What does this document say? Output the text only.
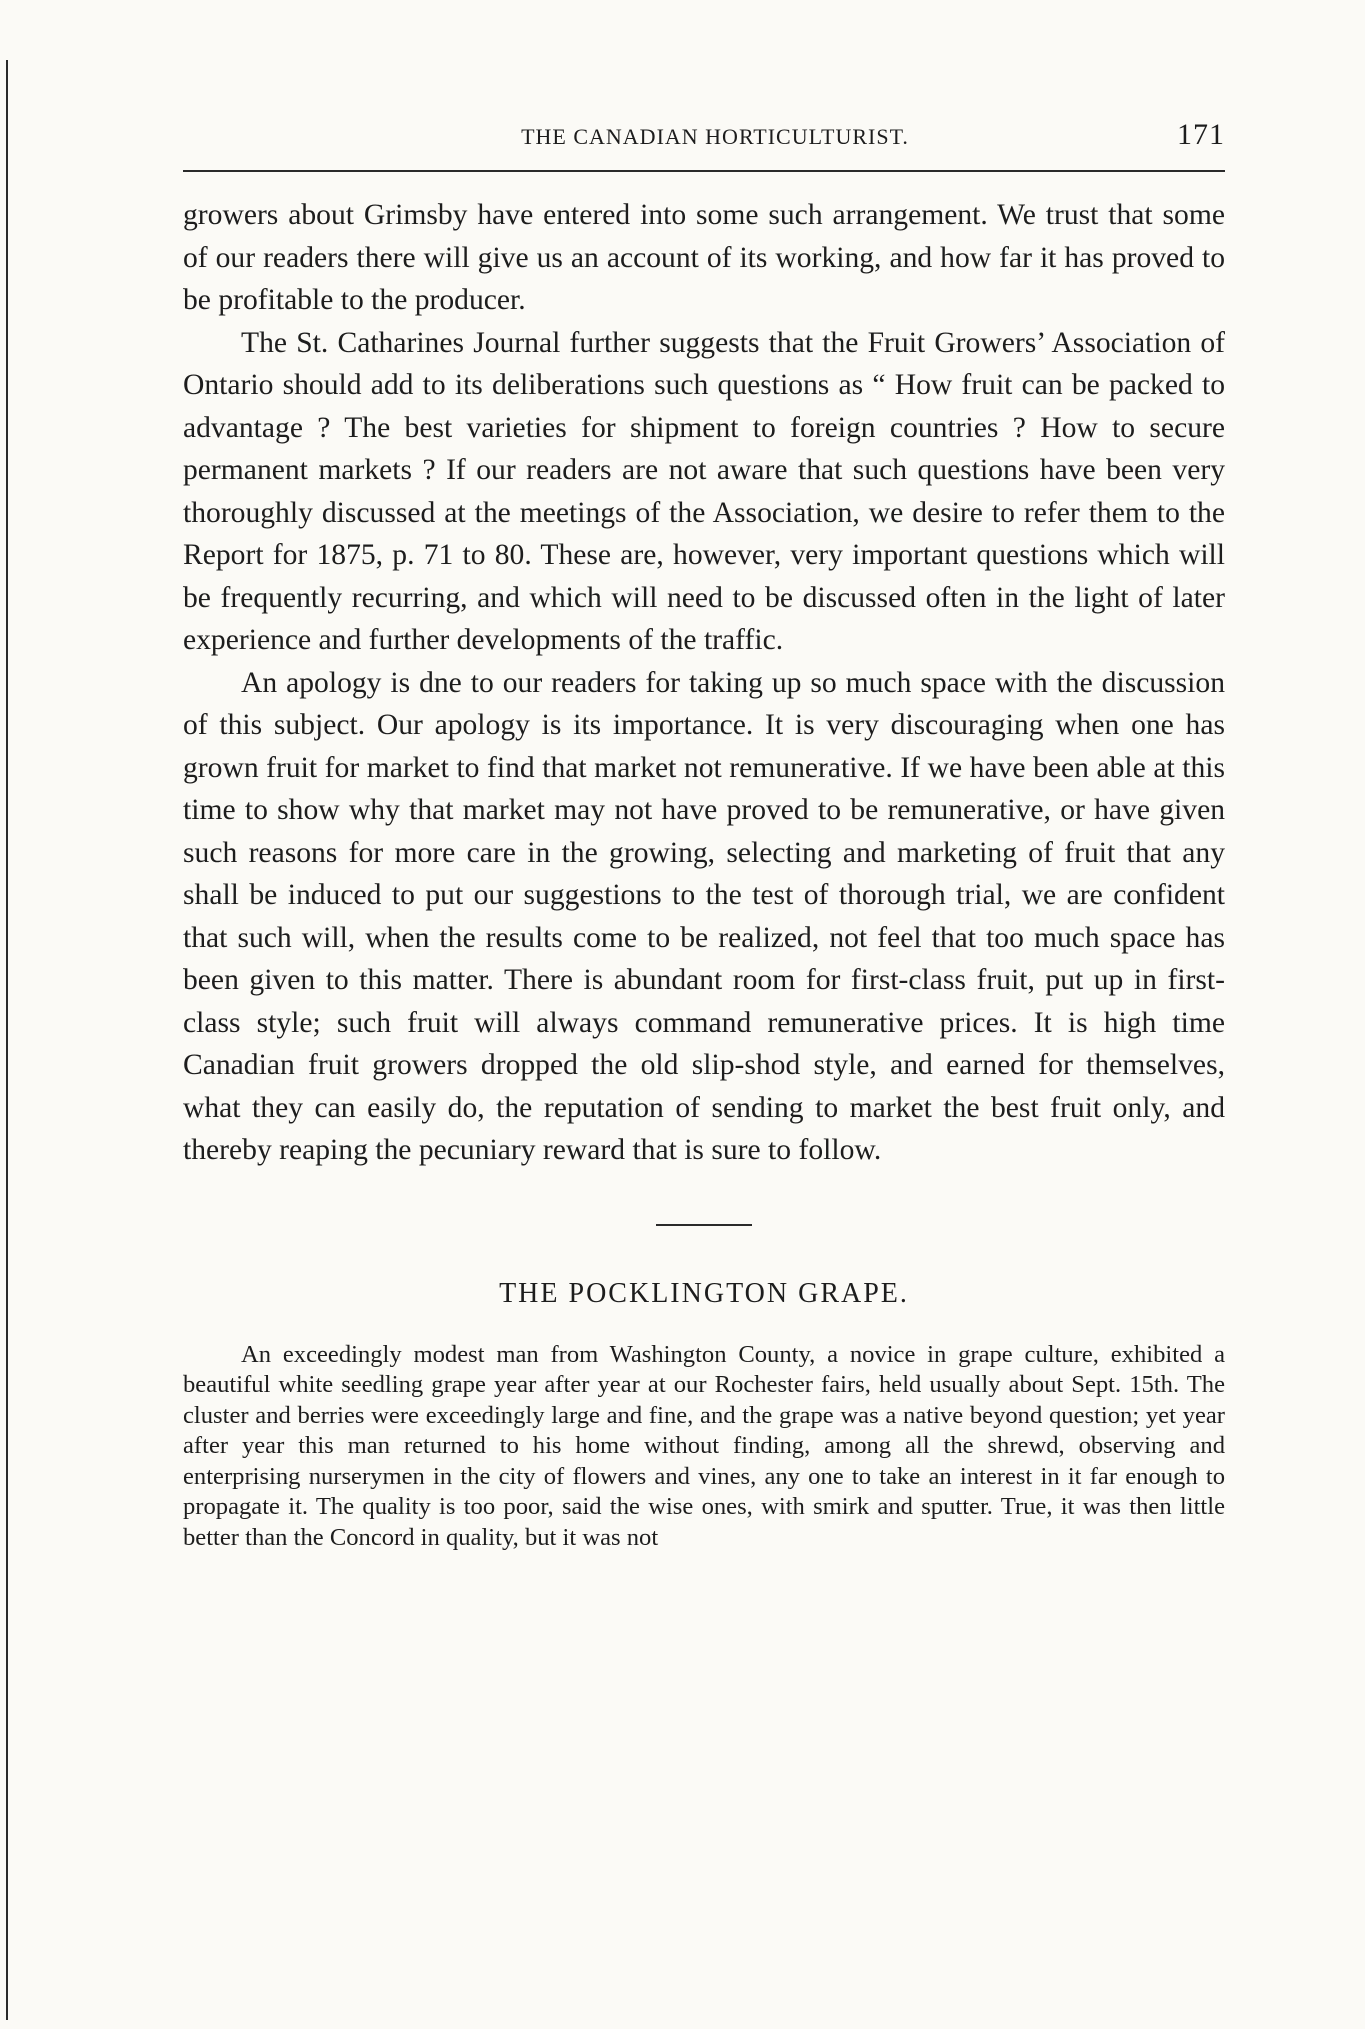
THE CANADIAN HORTICULTURIST.	171

growers about Grimsby have entered into some such arrangement. We trust that some of our readers there will give us an account of its working, and how far it has proved to be profitable to the producer.

The St. Catharines Journal further suggests that the Fruit Growers’ Association of Ontario should add to its deliberations such questions as “ How fruit can be packed to advantage ? The best varieties for shipment to foreign countries ? How to secure permanent markets ? If our readers are not aware that such questions have been very thoroughly discussed at the meetings of the Association, we desire to refer them to the Report for 1875, p. 71 to 80. These are, however, very important questions which will be frequently recurring, and which will need to be discussed often in the light of later experience and further developments of the traffic.

An apology is dne to our readers for taking up so much space with the discussion of this subject. Our apology is its importance. It is very discouraging when one has grown fruit for market to find that market not remunerative. If we have been able at this time to show why that market may not have proved to be remunerative, or have given such reasons for more care in the growing, selecting and marketing of fruit that any shall be induced to put our suggestions to the test of thorough trial, we are confident that such will, when the results come to be realized, not feel that too much space has been given to this matter. There is abundant room for first-class fruit, put up in first-class style; such fruit will always command remunerative prices. It is high time Canadian fruit growers dropped the old slip-shod style, and earned for themselves, what they can easily do, the reputation of sending to market the best fruit only, and thereby reaping the pecuniary reward that is sure to follow.

THE POCKLINGTON GRAPE.

An exceedingly modest man from Washington County, a novice in grape culture, exhibited a beautiful white seedling grape year after year at our Rochester fairs, held usually about Sept. 15th. The cluster and berries were exceedingly large and fine, and the grape was a native beyond question; yet year after year this man returned to his home without finding, among all the shrewd, observing and enterprising nurserymen in the city of flowers and vines, any one to take an interest in it far enough to propagate it. The quality is too poor, said the wise ones, with smirk and sputter. True, it was then little better than the Concord in quality, but it was not
